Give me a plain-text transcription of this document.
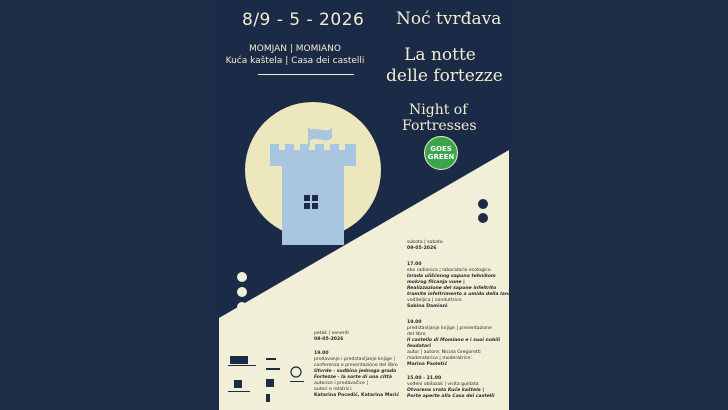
8/9 - 5 - 2026
MOMJAN | MOMIANO
Kuća kaštela | Casa dei castelli
Noć tvrđava
La notte
delle fortezze
Night of
Fortresses
GOES
GREEN
subota | sabato
09-05-2026
17.00
eko radionica | laboratorio ecologico
Izrada ulišćenog sapuna tehnikom
mokrog filcanja vune |
Realizzazione del sapone infeltrito
tramite infeltrimento a umido della lana
voditeljica | conduttrice:
Sabina Damiani
19.00
predstavljanje knjige | presentazione
del libro
Il castello di Momiano e i suoi nobili
feudatari
autor | autore: Nicola Gregoretti
moderatorica | moderatrice:
Marina Paoletić
15.00 - 21.00
vođeni obilazak | visita guidata
Otvorena vrata Kuće kaštela |
Porte aperte alla Casa dei castelli
petak | venerdì
08-05-2026
19.00
predavanje i predstavljanje knjige |
conferenza e presentazione del libro
Utvrde - sudbina jednoga grada
Fortezze - la sorte di una città
autorice i predavačice |
autori e relatrici:
Katarina Pocedić, Katarina Marić
